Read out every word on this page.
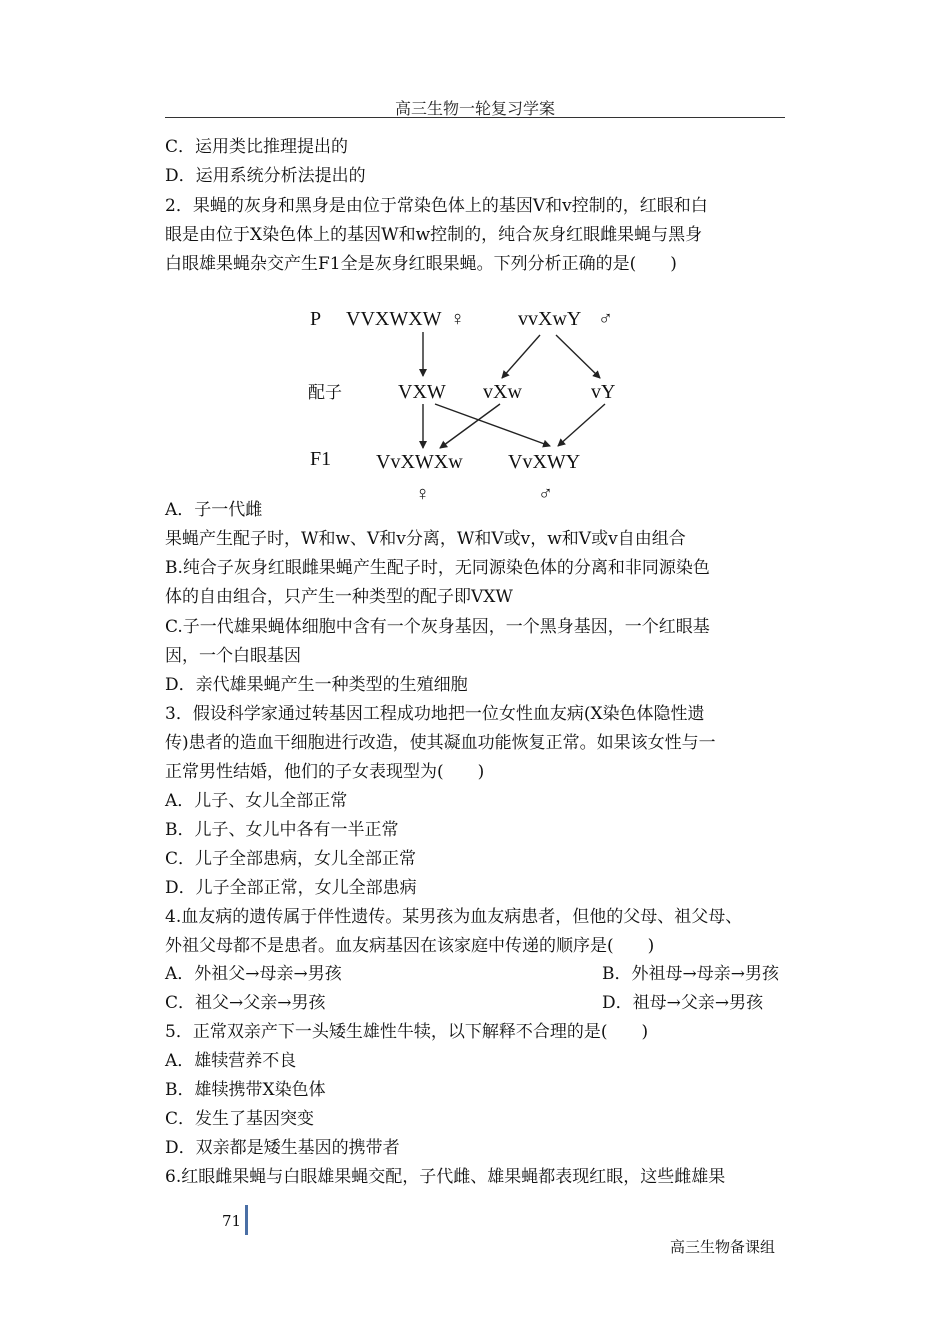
高三生物一轮复习学案
C．运用类比推理提出的
D．运用系统分析法提出的
2．果蝇的灰身和黑身是由位于常染色体上的基因V和v控制的，红眼和白
眼是由位于X染色体上的基因W和w控制的，纯合灰身红眼雌果蝇与黑身
白眼雄果蝇杂交产生F1全是灰身红眼果蝇。下列分析正确的是(　　)
P
配子
F1
VVXWXW ♀	vvXwY ♂
VXW vXw	vY
VvXWXw VvXWY
♀	♂
A．子一代雌
果蝇产生配子时，W和w、V和v分离，W和V或v，w和V或v自由组合
B.纯合子灰身红眼雌果蝇产生配子时，无同源染色体的分离和非同源染色
体的自由组合，只产生一种类型的配子即VXW
C.子一代雄果蝇体细胞中含有一个灰身基因，一个黑身基因，一个红眼基
因，一个白眼基因
D．亲代雄果蝇产生一种类型的生殖细胞
3．假设科学家通过转基因工程成功地把一位女性血友病(X染色体隐性遗
传)患者的造血干细胞进行改造，使其凝血功能恢复正常。如果该女性与一
正常男性结婚，他们的子女表现型为(　　)
A．儿子、女儿全部正常
B．儿子、女儿中各有一半正常
C．儿子全部患病，女儿全部正常
D．儿子全部正常，女儿全部患病
4.血友病的遗传属于伴性遗传。某男孩为血友病患者，但他的父母、祖父母、
外祖父母都不是患者。血友病基因在该家庭中传递的顺序是(　　)
A．外祖父→母亲→男孩	B．外祖母→母亲→男孩
C．祖父→父亲→男孩	D．祖母→父亲→男孩
5．正常双亲产下一头矮生雄性牛犊，以下解释不合理的是(　　)
A．雄犊营养不良
B．雄犊携带X染色体
C．发生了基因突变
D．双亲都是矮生基因的携带者
6.红眼雌果蝇与白眼雄果蝇交配，子代雌、雄果蝇都表现红眼，这些雌雄果
71
高三生物备课组
